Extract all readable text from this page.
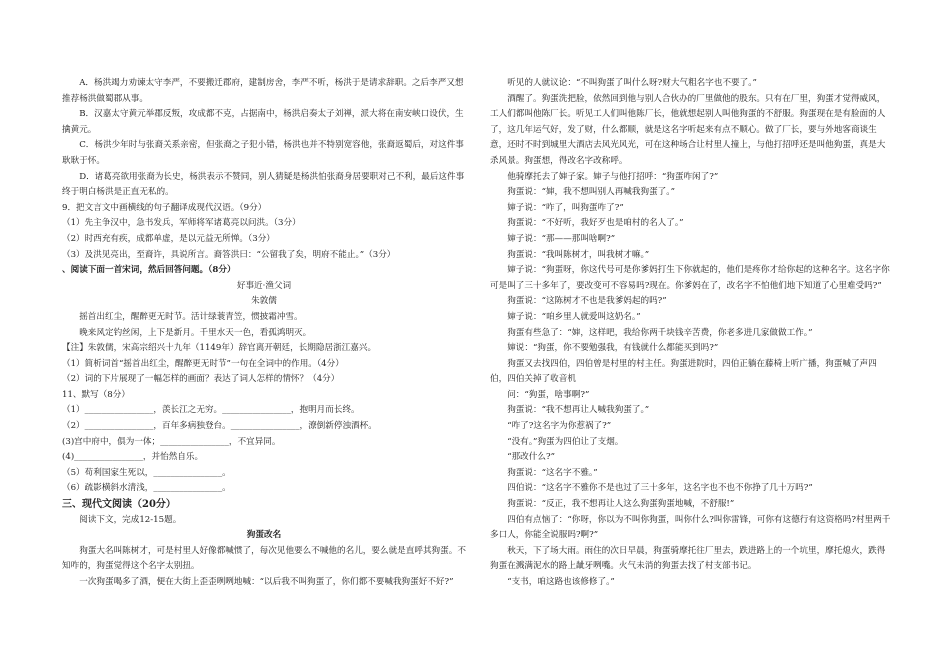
A．杨洪竭力劝谏太守李严，不要搬迁郡府，建制房舍，李严不听，杨洪于是请求辞职。之后李严又想推荐杨洪做蜀郡从事。

B．汉嘉太守黄元举郡反叛，攻成都不克，占据南中，杨洪启奏太子刘禅，派大将在南安峡口设伏，生擒黄元。

C．杨洪少年时与张裔关系亲密，但张裔之子犯小错，杨洪也并不特别宽容他，张裔返蜀后，对这件事耿耿于怀。

D．诸葛亮欲用张裔为长史，杨洪表示不赞同，别人猜疑是杨洪怕张裔身居要职对己不利，最后这件事终于明白杨洪是正直无私的。

9．把文言文中画横线的句子翻译成现代汉语。（9分）

（1）先主争汉中，急书发兵，军师将军诸葛亮以问洪。（3分）

（2）时西充有疾，成都单虚，是以元益无所惮。（3分）

（3）及洪见亮出，至裔许，具说所言。裔答洪曰：“公留我了矣，明府不能止。”（3分）

、阅读下面一首宋词，然后回答问题。（8分）

好事近·渔父词

朱敦儒

摇首出红尘，醒醉更无时节。活计绿蓑青笠，惯披霜冲雪。

晚来风定钓丝闲，上下是新月。千里水天一色，看孤鸿明灭。

【注】朱敦儒，宋高宗绍兴十九年（1149年）辞官离开朝廷，长期隐居浙江嘉兴。

（1）简析词首“摇首出红尘，醒醉更无时节”一句在全词中的作用。（4分）

（2）词的下片展现了一幅怎样的画面？表达了词人怎样的情怀？（4分）

11、默写（8分）

（1）________________，羡长江之无穷。________________，抱明月而长终。

（2）________________，百年多病独登台。________________，潦倒新停浊酒杯。

(3)宫中府中，俱为一体；________________，不宜异同。

(4)________________，并怡然自乐。

（5）苟利国家生死以，________________。

（6）疏影横斜水清浅，________________。

三、现代文阅读（20分）

阅读下文，完成12-15题。

狗蛋改名

狗蛋大名叫陈树才，可是村里人好像都喊惯了，每次见他要么不喊他的名儿，要么就是直呼其狗蛋。不知咋的，狗蛋觉得这个名字太别扭。

一次狗蛋喝多了酒，便在大街上歪歪咧咧地喊：“以后我不叫狗蛋了，你们都不要喊我狗蛋好不好?”

听见的人就议论：“不叫狗蛋了叫什么呀?财大气粗名字也不要了。”

酒醒了。狗蛋洗把脸，依然回到他与别人合伙办的厂里做他的股东。只有在厂里，狗蛋才觉得威风，工人们都叫他陈厂长。听见工人们叫他陈厂长，他就想起别人叫他狗蛋的不舒服。狗蛋现在是有脸面的人了，这几年运气好，发了财，什么都顺，就是这名字听起来有点不顺心。做了厂长，要与外地客商谈生意，还时不时到城里大酒店去风光风光，可在这种场合让村里人撞上，与他打招呼还是叫他狗蛋，真是大杀风景。狗蛋想，得改名字改称呼。

他骑摩托去了婶子家。婶子与他打招呼：“狗蛋咋闲了?”

狗蛋说：“婶，我不想叫别人再喊我狗蛋了。”

婶子说：“咋了，叫狗蛋咋了?”

狗蛋说：“不好听，我好歹也是咱村的名人了。”

婶子说：“那——那叫啥啊?”

狗蛋说：“我叫陈树才，叫我树才嘛。”

婶子说：“狗蛋呀，你这代号可是你爹妈打生下你就起的，他们是疼你才给你起的这种名字。这名字你可是叫了三十多年了，要改变可不容易吗?现在。你爹妈在了，改名字不怕他们地下知道了心里难受吗?”

狗蛋说：“这陈树才不也是我爹妈起的吗?”

婶子说：“咱乡里人就爱叫这奶名。”

狗蛋有些急了：“婶，这样吧，我给你两千块钱辛苦费，你老多进几家做做工作。”

婶说：“狗蛋，你不要勉强我，有钱就什么都能买到吗?”

狗蛋又去找四伯，四伯曾是村里的村主任。狗蛋进院时，四伯正躺在藤椅上听广播，狗蛋喊了声四伯，四伯关掉了收音机

问：“狗蛋，啥事啊?”

狗蛋说：“我不想再让人喊我狗蛋了。”

“咋了?这名字为你惹祸了?”

“没有。”狗蛋为四伯让了支烟。

“那改什么?”

狗蛋说：“这名字不雅。”

四伯说：“这名字不雅你不是也过了三十多年，这名字也不也不你挣了几十万吗?”

狗蛋说：“反正，我不想再让人这么狗蛋狗蛋地喊，不舒服!”

四伯有点恼了：“你呀，你以为不叫你狗蛋，叫你什么?叫你雷锋，可你有这德行有这资格吗?村里两千多口人，你能全说服吗?啊?”

秋天，下了场大雨。雨住的次日早晨，狗蛋骑摩托往厂里去，跌进路上的一个坑里，摩托熄火，跌得狗蛋在溅满泥水的路上龇牙咧嘴。火气未消的狗蛋去找了村支部书记。

“支书，咱这路也该修修了。”
